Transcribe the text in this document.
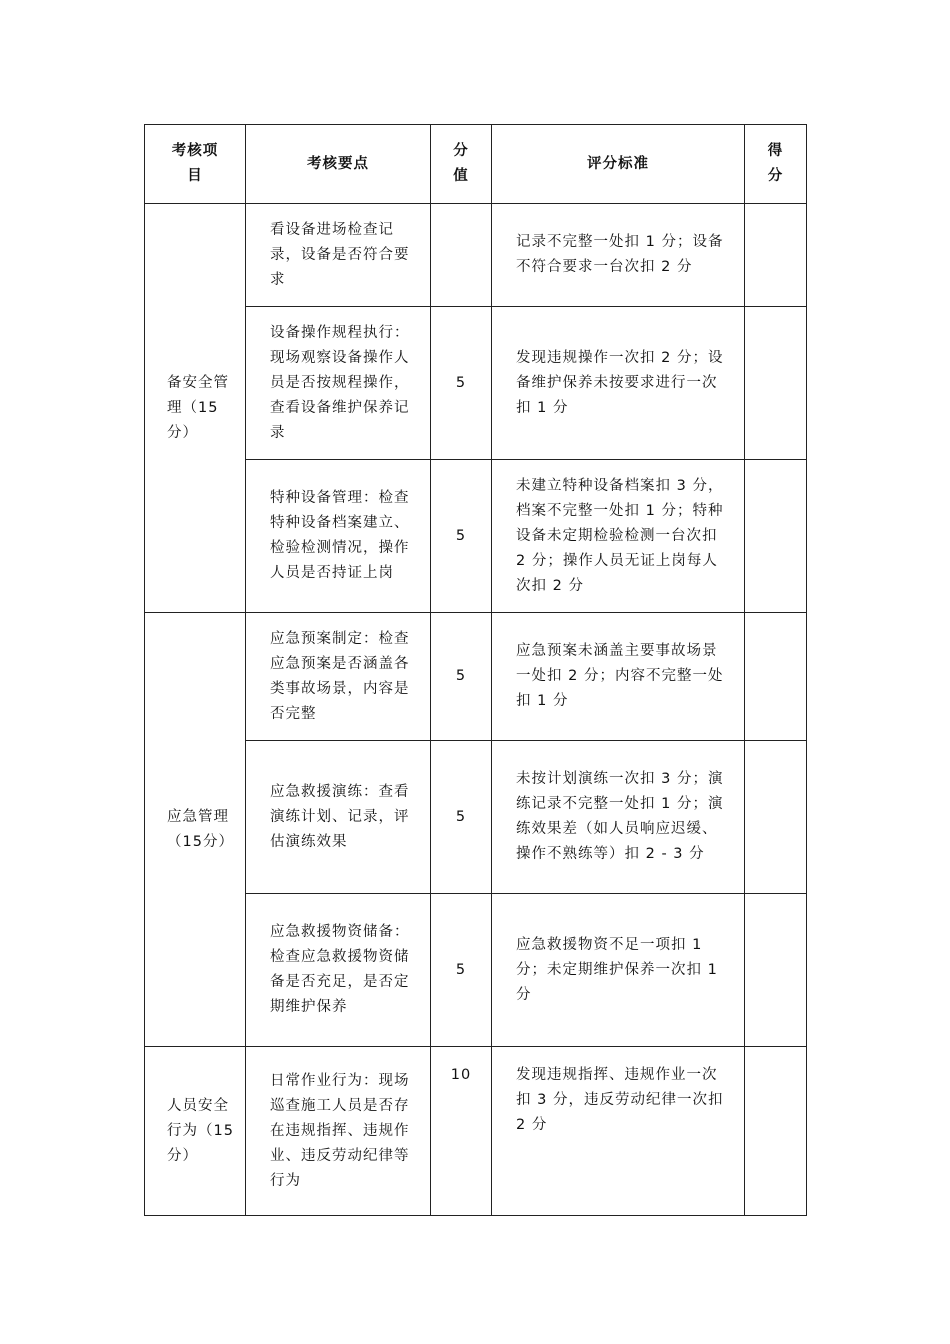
考核项目	考核要点	分值	评分标准	得分
备安全管理（15分）	看设备进场检查记录，设备是否符合要求		记录不完整一处扣 1 分；设备不符合要求一台次扣 2 分	
	设备操作规程执行：现场观察设备操作人员是否按规程操作，查看设备维护保养记录	5	发现违规操作一次扣 2 分；设备维护保养未按要求进行一次扣 1 分	
	特种设备管理：检查特种设备档案建立、检验检测情况，操作人员是否持证上岗	5	未建立特种设备档案扣 3 分，档案不完整一处扣 1 分；特种设备未定期检验检测一台次扣 2 分；操作人员无证上岗每人次扣 2 分	
应急管理（15分）	应急预案制定：检查应急预案是否涵盖各类事故场景，内容是否完整	5	应急预案未涵盖主要事故场景一处扣 2 分；内容不完整一处扣 1 分	
	应急救援演练：查看演练计划、记录，评估演练效果	5	未按计划演练一次扣 3 分；演练记录不完整一处扣 1 分；演练效果差（如人员响应迟缓、操作不熟练等）扣 2 - 3 分	
	应急救援物资储备：检查应急救援物资储备是否充足，是否定期维护保养	5	应急救援物资不足一项扣 1 分；未定期维护保养一次扣 1 分	
人员安全行为（15分）	日常作业行为：现场巡查施工人员是否存在违规指挥、违规作业、违反劳动纪律等行为	10	发现违规指挥、违规作业一次扣 3 分，违反劳动纪律一次扣 2 分	
